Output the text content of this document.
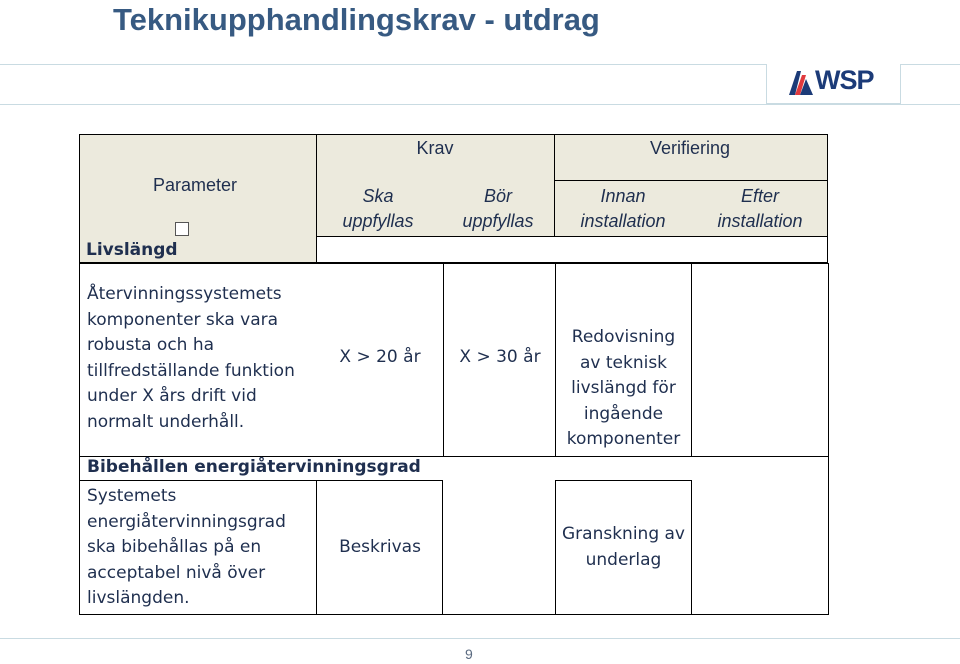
Teknikupphandlingskrav - utdrag
WSP
Parameter
Krav	Verifiering
Ska
uppfyllas
Bör
uppfyllas
Innan
installation
Efter
installation
Livslängd
Återvinningssystemets
komponenter ska vara
robusta och ha
tillfredställande funktion
under X års drift vid
normalt underhåll.
X > 20 år	X > 30 år
Redovisning
av teknisk
livslängd för
ingående
komponenter
Bibehållen energiåtervinningsgrad
Systemets
energiåtervinningsgrad
ska bibehållas på en
acceptabel nivå över
livslängden.
Beskrivas
Granskning av
underlag
9
